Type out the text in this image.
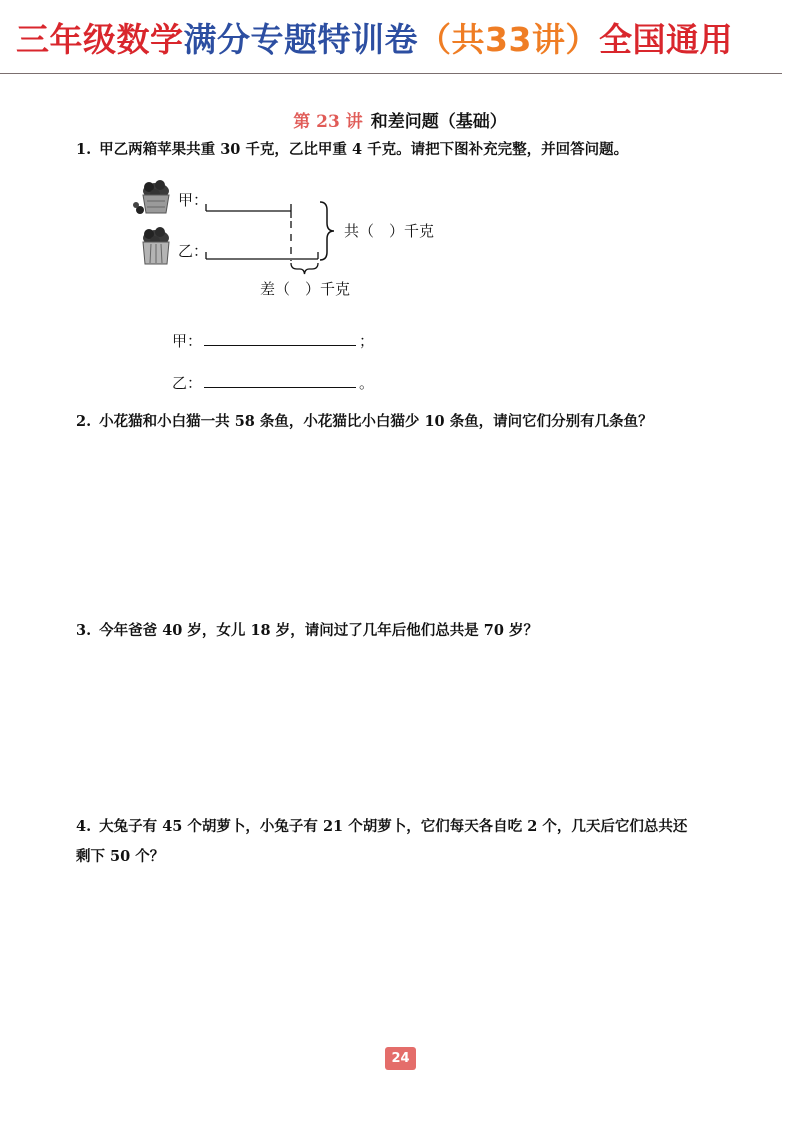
三年级数学满分专题特训卷（共33讲）全国通用
第 23 讲 和差问题（基础）
1. 甲乙两箱苹果共重 30 千克，乙比甲重 4 千克。请把下图补充完整，并回答问题。
甲：
乙：
共（　）千克
差（　）千克
甲：	；
乙：	。
2. 小花猫和小白猫一共 58 条鱼，小花猫比小白猫少 10 条鱼，请问它们分别有几条鱼？
3. 今年爸爸 40 岁，女儿 18 岁，请问过了几年后他们总共是 70 岁？
4. 大兔子有 45 个胡萝卜，小兔子有 21 个胡萝卜，它们每天各自吃 2 个，几天后它们总共还
剩下 50 个？
24
